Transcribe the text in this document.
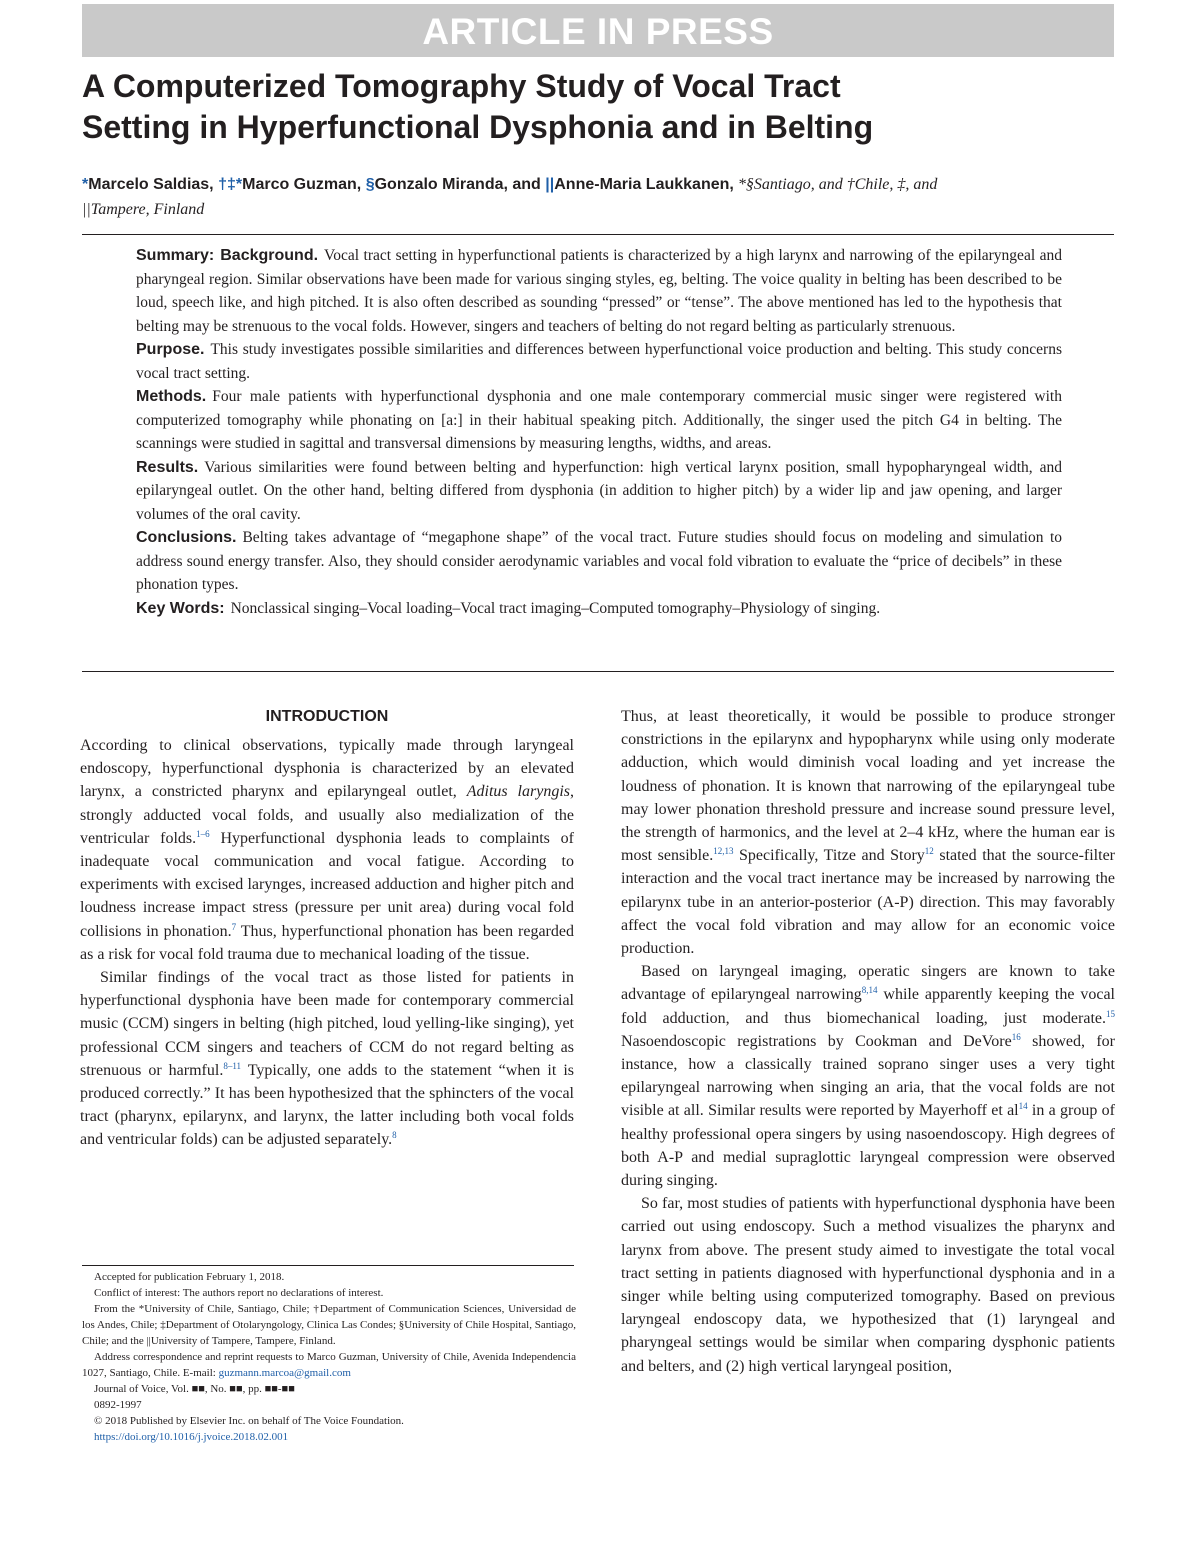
ARTICLE IN PRESS
A Computerized Tomography Study of Vocal Tract
Setting in Hyperfunctional Dysphonia and in Belting
*Marcelo Saldias, †‡*Marco Guzman, §Gonzalo Miranda, and ||Anne-Maria Laukkanen, *§Santiago, and †Chile, ‡, and
||Tampere, Finland

Summary: Background. Vocal tract setting in hyperfunctional patients is characterized by a high larynx and narrowing of the epilaryngeal and pharyngeal region. Similar observations have been made for various singing styles, eg, belting. The voice quality in belting has been described to be loud, speech like, and high pitched. It is also often described as sounding “pressed” or “tense”. The above mentioned has led to the hypothesis that belting may be strenuous to the vocal folds. However, singers and teachers of belting do not regard belting as particularly strenuous.

Purpose. This study investigates possible similarities and differences between hyperfunctional voice production and belting. This study concerns vocal tract setting.

Methods. Four male patients with hyperfunctional dysphonia and one male contemporary commercial music singer were registered with computerized tomography while phonating on [a:] in their habitual speaking pitch. Additionally, the singer used the pitch G4 in belting. The scannings were studied in sagittal and transversal dimensions by measuring lengths, widths, and areas.

Results. Various similarities were found between belting and hyperfunction: high vertical larynx position, small hypopharyngeal width, and epilaryngeal outlet. On the other hand, belting differed from dysphonia (in addition to higher pitch) by a wider lip and jaw opening, and larger volumes of the oral cavity.

Conclusions. Belting takes advantage of “megaphone shape” of the vocal tract. Future studies should focus on modeling and simulation to address sound energy transfer. Also, they should consider aerodynamic variables and vocal fold vibration to evaluate the “price of decibels” in these phonation types.

Key Words: Nonclassical singing–Vocal loading–Vocal tract imaging–Computed tomography–Physiology of singing.

INTRODUCTION

According to clinical observations, typically made through laryngeal endoscopy, hyperfunctional dysphonia is characterized by an elevated larynx, a constricted pharynx and epilaryngeal outlet, Aditus laryngis, strongly adducted vocal folds, and usually also medialization of the ventricular folds.$^{1-6}$ Hyperfunctional dysphonia leads to complaints of inadequate vocal communication and vocal fatigue. According to experiments with excised larynges, increased adduction and higher pitch and loudness increase impact stress (pressure per unit area) during vocal fold collisions in phonation.$^7$ Thus, hyperfunctional phonation has been regarded as a risk for vocal fold trauma due to mechanical loading of the tissue.

Similar findings of the vocal tract as those listed for patients in hyperfunctional dysphonia have been made for contemporary commercial music (CCM) singers in belting (high pitched, loud yelling-like singing), yet professional CCM singers and teachers of CCM do not regard belting as strenuous or harmful.$^{8-11}$ Typically, one adds to the statement “when it is produced correctly.” It has been hypothesized that the sphincters of the vocal tract (pharynx, epilarynx, and larynx, the latter including both vocal folds and ventricular folds) can be adjusted separately.$^8$

Thus, at least theoretically, it would be possible to produce stronger constrictions in the epilarynx and hypopharynx while using only moderate adduction, which would diminish vocal loading and yet increase the loudness of phonation. It is known that narrowing of the epilaryngeal tube may lower phonation threshold pressure and increase sound pressure level, the strength of harmonics, and the level at 2–4 kHz, where the human ear is most sensible.$^{12,13}$ Specifically, Titze and Story$^{12}$ stated that the source-filter interaction and the vocal tract inertance may be increased by narrowing the epilarynx tube in an anterior-posterior (A-P) direction. This may favorably affect the vocal fold vibration and may allow for an economic voice production.

Based on laryngeal imaging, operatic singers are known to take advantage of epilaryngeal narrowing$^{8,14}$ while apparently keeping the vocal fold adduction, and thus biomechanical loading, just moderate.$^{15}$ Nasoendoscopic registrations by Cookman and DeVore$^{16}$ showed, for instance, how a classically trained soprano singer uses a very tight epilaryngeal narrowing when singing an aria, that the vocal folds are not visible at all. Similar results were reported by Mayerhoff et $al^{14}$ in a group of healthy professional opera singers by using nasoendoscopy. High degrees of both A-P and medial supraglottic laryngeal compression were observed during singing.

So far, most studies of patients with hyperfunctional dysphonia have been carried out using endoscopy. Such a method visualizes the pharynx and larynx from above. The present study aimed to investigate the total vocal tract setting in patients diagnosed with hyperfunctional dysphonia and in a singer while belting using computerized tomography. Based on previous laryngeal endoscopy data, we hypothesized that (1) laryngeal and pharyngeal settings would be similar when comparing dysphonic patients and belters, and (2) high vertical laryngeal position,

Accepted for publication February 1, 2018.

Conflict of interest: The authors report no declarations of interest.

From the *University of Chile, Santiago, Chile; †Department of Communication Sciences, Universidad de los Andes, Chile; ‡Department of Otolaryngology, Clinica Las Condes; §University of Chile Hospital, Santiago, Chile; and the ||University of Tampere, Tampere, Finland.

Address correspondence and reprint requests to Marco Guzman, University of Chile, Avenida Independencia 1027, Santiago, Chile. E-mail: guzmann.marcoa@gmail.com

Journal of Voice, Vol. ■■, No. ■■, pp. ■■-■■

0892-1997

© 2018 Published by Elsevier Inc. on behalf of The Voice Foundation.

https://doi.org/10.1016/j.jvoice.2018.02.001
